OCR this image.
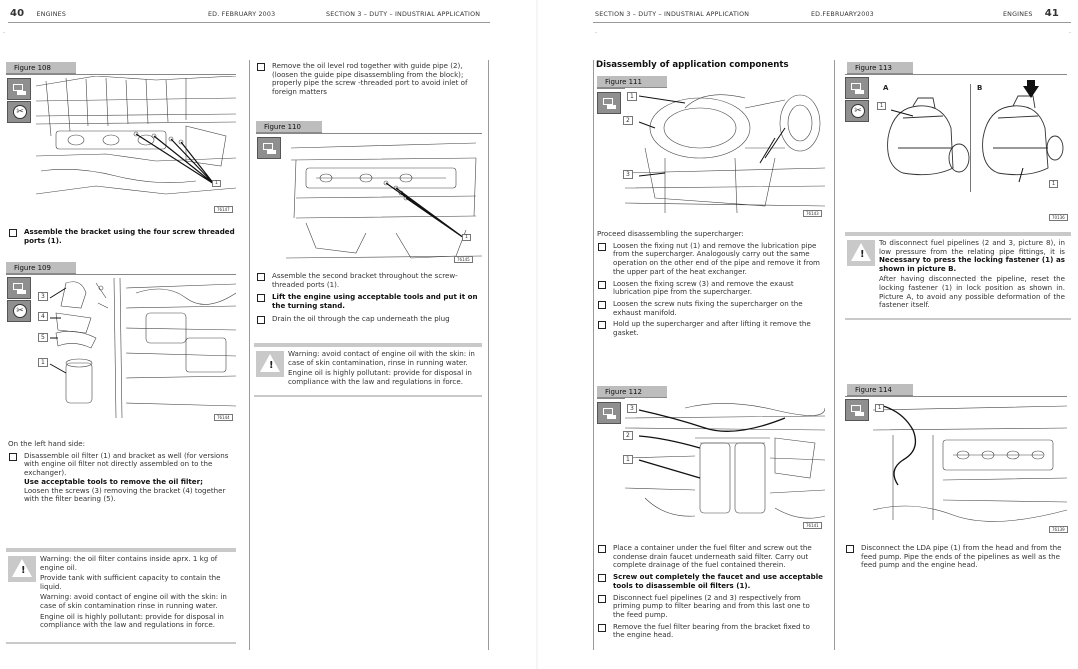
40 ENGINES	ED. FEBRUARY 2003	SECTION 3 – DUTY – INDUSTRIAL APPLICATION
·
Figure 108
✂
1
76147
Assemble the bracket using the four screw threaded ports (1).
Figure 109
✂
3
4
5
1
76144
On the left hand side:
Disassemble oil filter (1) and bracket as well (for versions with engine oil filter not directly assembled on to the exchanger).
Use acceptable tools to remove the oil filter;
Loosen the screws (3) removing the bracket (4) together with the filter bearing (5).
!

Warning: the oil filter contains inside aprx. 1 kg of engine oil.

Provide tank with sufficient capacity to contain the liquid.

Warning: avoid contact of engine oil with the skin: in case of skin contamination rinse in running water.

Engine oil is highly pollutant: provide for disposal in compliance with the law and regulations in force.

Remove the oil level rod together with guide pipe (2), (loosen the guide pipe disassembling from the block); properly pipe the screw -threaded port to avoid inlet of foreign matters
Figure 110
1
76145
Assemble the second bracket throughout the screw-threaded ports (1).
Lift the engine using acceptable tools and put it on the turning stand.
Drain the oil through the cap underneath the plug
!

Warning: avoid contact of engine oil with the skin: in case of skin contamination, rinse in running water.

Engine oil is highly pollutant: provide for disposal in compliance with the law and regulations in force.

SECTION 3 – DUTY – INDUSTRIAL APPLICATION	ED.FEBRUARY2003	ENGINES 41
·	·
Disassembly of application components
Figure 111
1
2
3
76143
Proceed disassembling the supercharger:
Loosen the fixing nut (1) and remove the lubrication pipe from the supercharger. Analogously carry out the same operation on the other end of the pipe and remove it from the upper part of the heat exchanger.
Loosen the fixing screw (3) and remove the exaust lubrication pipe from the supercharger.
Loosen the screw nuts fixing the supercharger on the exhaust manifold.
Hold up the supercharger and after lifting it remove the gasket.
Figure 112
3
2
1
76141
Place a container under the fuel filter and screw out the condense drain faucet underneath said filter. Carry out complete drainage of the fuel contained therein.
Screw out completely the faucet and use acceptable tools to disassemble oil filters (1).
Disconnect fuel pipelines (2 and 3) respectively from priming pump to filter bearing and from this last one to the feed pump.
Remove the fuel filter bearing from the bracket fixed to the engine head.
Figure 113
✂
A	B
1
1
70136
!

To disconnect fuel pipelines (2 and 3, picture 8), in low pressure from the relating pipe fittings, it is Necessary to press the locking fastener (1) as shown in picture B.

After having disconnected the pipeline, reset the locking fastener (1) in lock position as shown in. Picture A, to avoid any possible deformation of the fastener itself.

Figure 114
1
76139
Disconnect the LDA pipe (1) from the head and from the feed pump. Pipe the ends of the pipelines as well as the feed pump and the engine head.
